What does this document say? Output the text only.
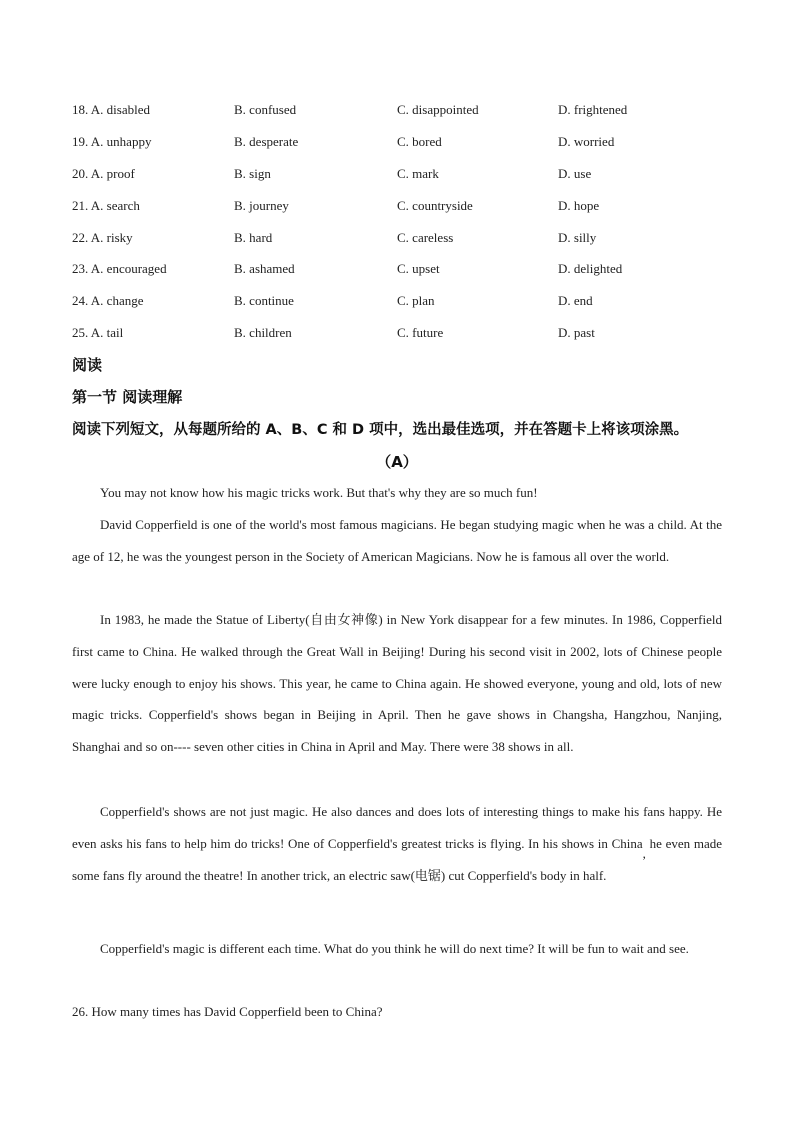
18. A. disabled	B. confused	C. disappointed	D. frightened
19. A. unhappy	B. desperate	C. bored	D. worried
20. A. proof	B. sign	C. mark	D. use
21. A. search	B. journey	C. countryside	D. hope
22. A. risky	B. hard	C. careless	D. silly
23. A. encouraged	B. ashamed	C. upset	D. delighted
24. A. change	B. continue	C. plan	D. end
25. A. tail	B. children	C. future	D. past
阅读
第一节 阅读理解
阅读下列短文，从每题所给的 A、B、C 和 D 项中，选出最佳选项，并在答题卡上将该项涂黑。
（A）

You may not know how his magic tricks work. But that's why they are so much fun!

David Copperfield is one of the world's most famous magicians. He began studying magic when he was a child. At the age of 12, he was the youngest person in the Society of American Magicians. Now he is famous all over the world.

In 1983, he made the Statue of Liberty(自由女神像) in New York disappear for a few minutes. In 1986, Copperfield first came to China. He walked through the Great Wall in Beijing! During his second visit in 2002, lots of Chinese people were lucky enough to enjoy his shows. This year, he came to China again. He showed everyone, young and old, lots of new magic tricks. Copperfield's shows began in Beijing in April. Then he gave shows in Changsha, Hangzhou, Nanjing, Shanghai and so on---- seven other cities in China in April and May. There were 38 shows in all.

Copperfield's shows are not just magic. He also dances and does lots of interesting things to make his fans happy. He even asks his fans to help him do tricks! One of Copperfield's greatest tricks is flying. In his shows in China, he even made some fans fly around the theatre! In another trick, an electric saw(电锯) cut Copperfield's body in half.

Copperfield's magic is different each time. What do you think he will do next time? It will be fun to wait and see.

26. How many times has David Copperfield been to China?
